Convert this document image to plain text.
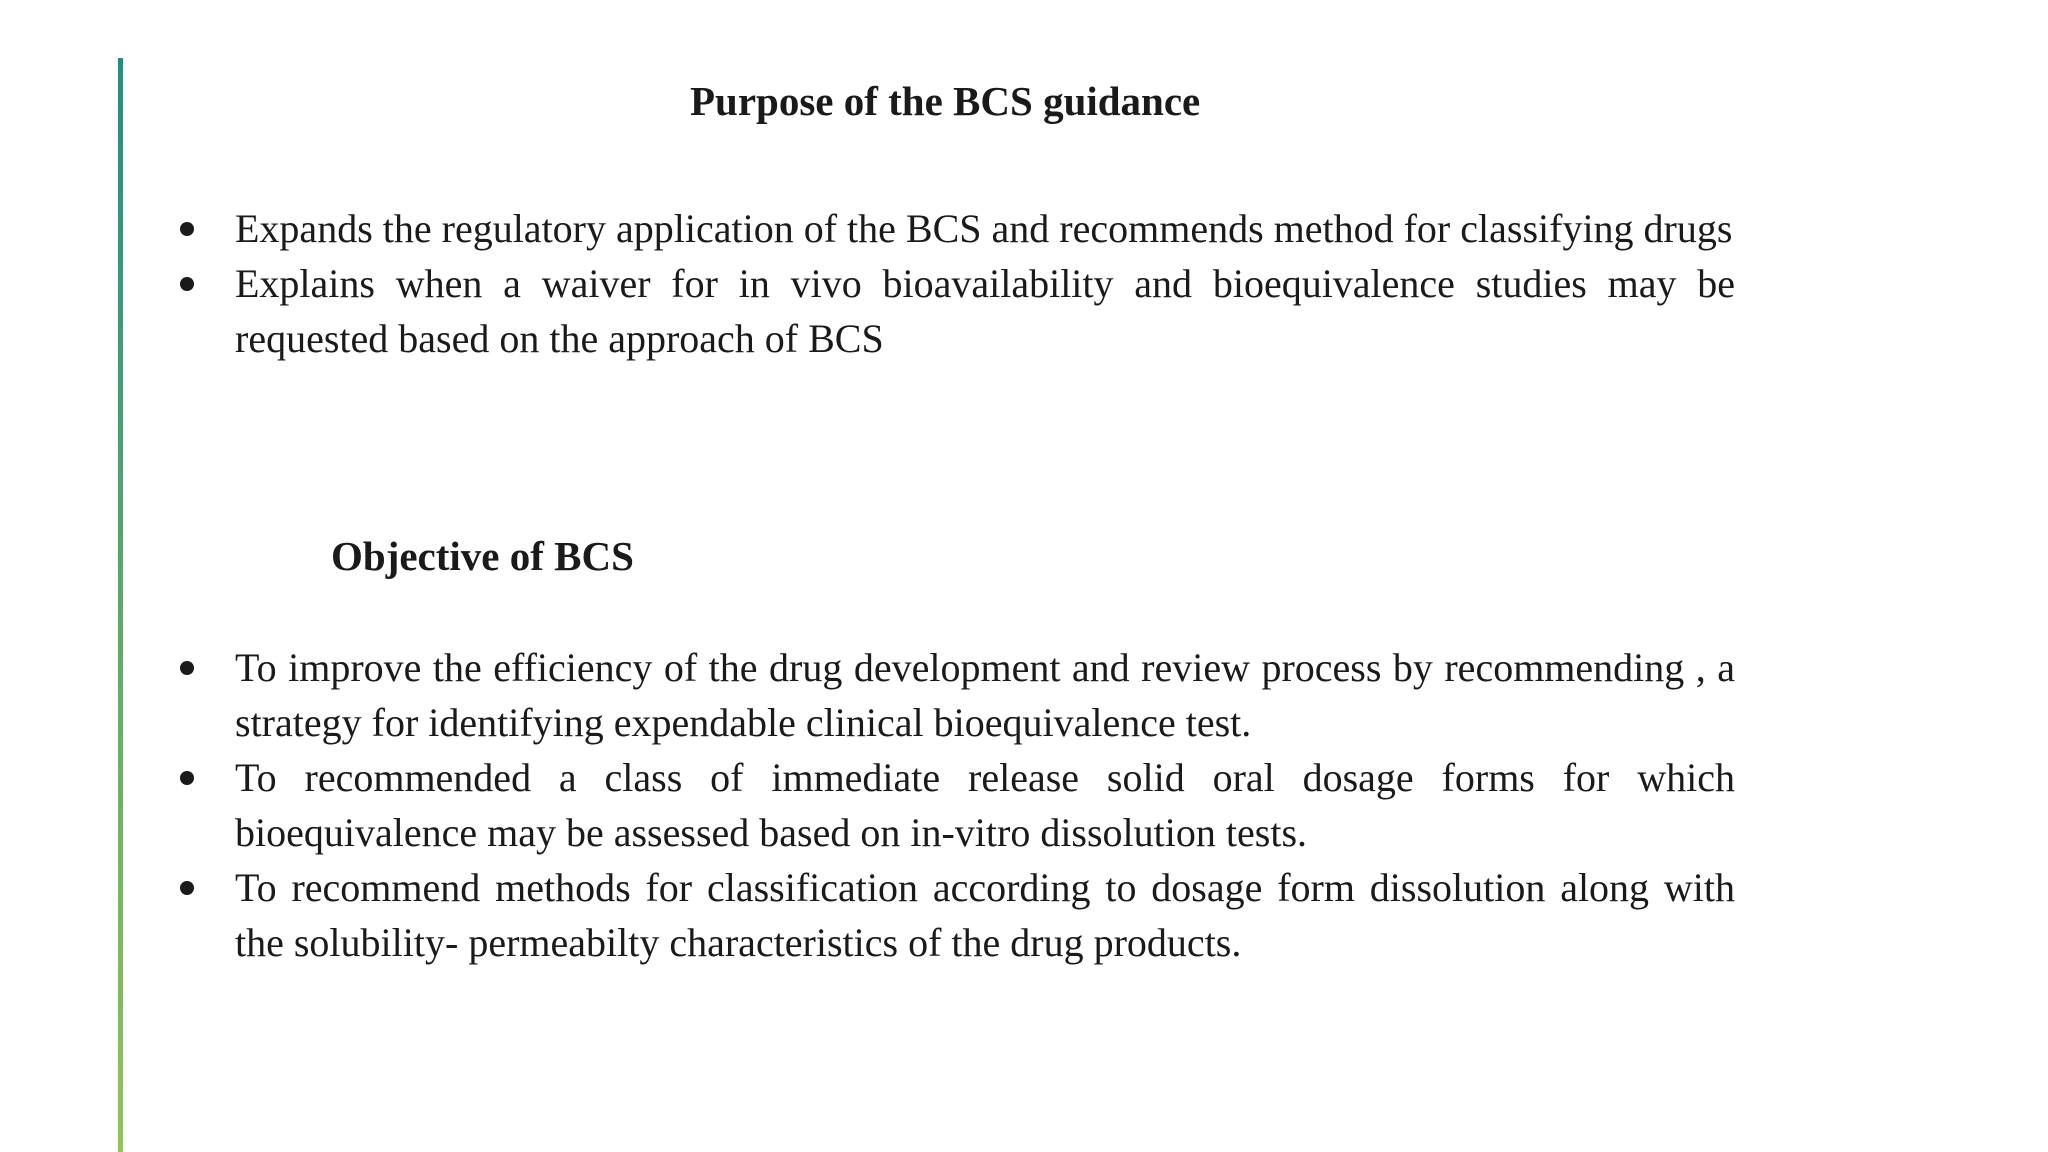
Purpose of the BCS guidance
Expands the regulatory application of the BCS and recommends method for classifying drugs
Explains when a waiver for in vivo bioavailability and bioequivalence studies may be requested based on the approach of BCS
Objective of BCS
To improve the efficiency of the drug development and review process by recommending , a strategy for identifying expendable clinical bioequivalence test.
To recommended a class of immediate release solid oral dosage forms for which bioequivalence may be assessed based on in-vitro dissolution tests.
To recommend methods for classification according to dosage form dissolution along with the solubility- permeabilty characteristics of the drug products.
